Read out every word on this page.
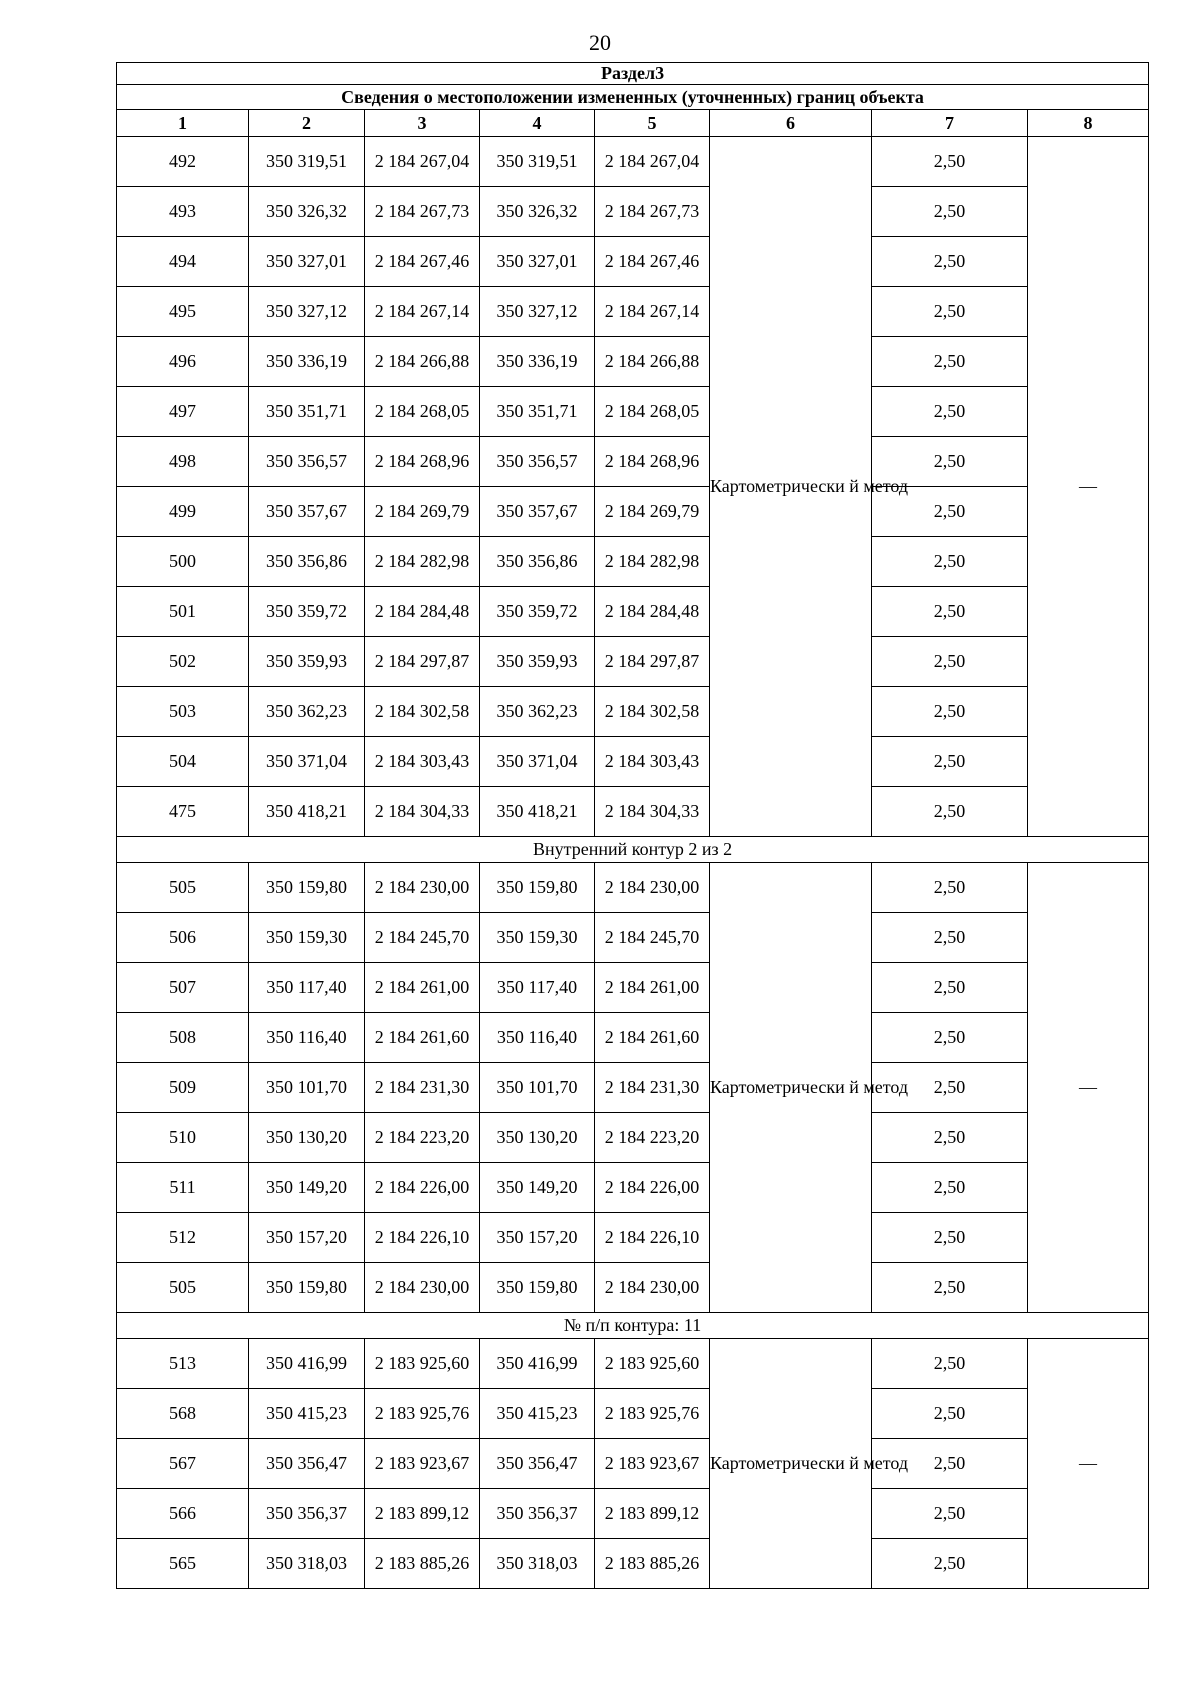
20
Раздел3							
Сведения о местоположении измененных (уточненных) границ объекта							
1	2	3	4	5	6	7	8
492	350 319,51	2 184 267,04	350 319,51	2 184 267,04	Картометрически й метод	2,50	—
493	350 326,32	2 184 267,73	350 326,32	2 184 267,73		2,50	
494	350 327,01	2 184 267,46	350 327,01	2 184 267,46		2,50	
495	350 327,12	2 184 267,14	350 327,12	2 184 267,14		2,50	
496	350 336,19	2 184 266,88	350 336,19	2 184 266,88		2,50	
497	350 351,71	2 184 268,05	350 351,71	2 184 268,05		2,50	
498	350 356,57	2 184 268,96	350 356,57	2 184 268,96		2,50	
499	350 357,67	2 184 269,79	350 357,67	2 184 269,79		2,50	
500	350 356,86	2 184 282,98	350 356,86	2 184 282,98		2,50	
501	350 359,72	2 184 284,48	350 359,72	2 184 284,48		2,50	
502	350 359,93	2 184 297,87	350 359,93	2 184 297,87		2,50	
503	350 362,23	2 184 302,58	350 362,23	2 184 302,58		2,50	
504	350 371,04	2 184 303,43	350 371,04	2 184 303,43		2,50	
475	350 418,21	2 184 304,33	350 418,21	2 184 304,33		2,50	
Внутренний контур 2 из 2							
505	350 159,80	2 184 230,00	350 159,80	2 184 230,00	Картометрически й метод	2,50	—
506	350 159,30	2 184 245,70	350 159,30	2 184 245,70		2,50	
507	350 117,40	2 184 261,00	350 117,40	2 184 261,00		2,50	
508	350 116,40	2 184 261,60	350 116,40	2 184 261,60		2,50	
509	350 101,70	2 184 231,30	350 101,70	2 184 231,30		2,50	
510	350 130,20	2 184 223,20	350 130,20	2 184 223,20		2,50	
511	350 149,20	2 184 226,00	350 149,20	2 184 226,00		2,50	
512	350 157,20	2 184 226,10	350 157,20	2 184 226,10		2,50	
505	350 159,80	2 184 230,00	350 159,80	2 184 230,00		2,50	
№ п/п контура: 11							
513	350 416,99	2 183 925,60	350 416,99	2 183 925,60	Картометрически й метод	2,50	—
568	350 415,23	2 183 925,76	350 415,23	2 183 925,76		2,50	
567	350 356,47	2 183 923,67	350 356,47	2 183 923,67		2,50	
566	350 356,37	2 183 899,12	350 356,37	2 183 899,12		2,50	
565	350 318,03	2 183 885,26	350 318,03	2 183 885,26		2,50	
